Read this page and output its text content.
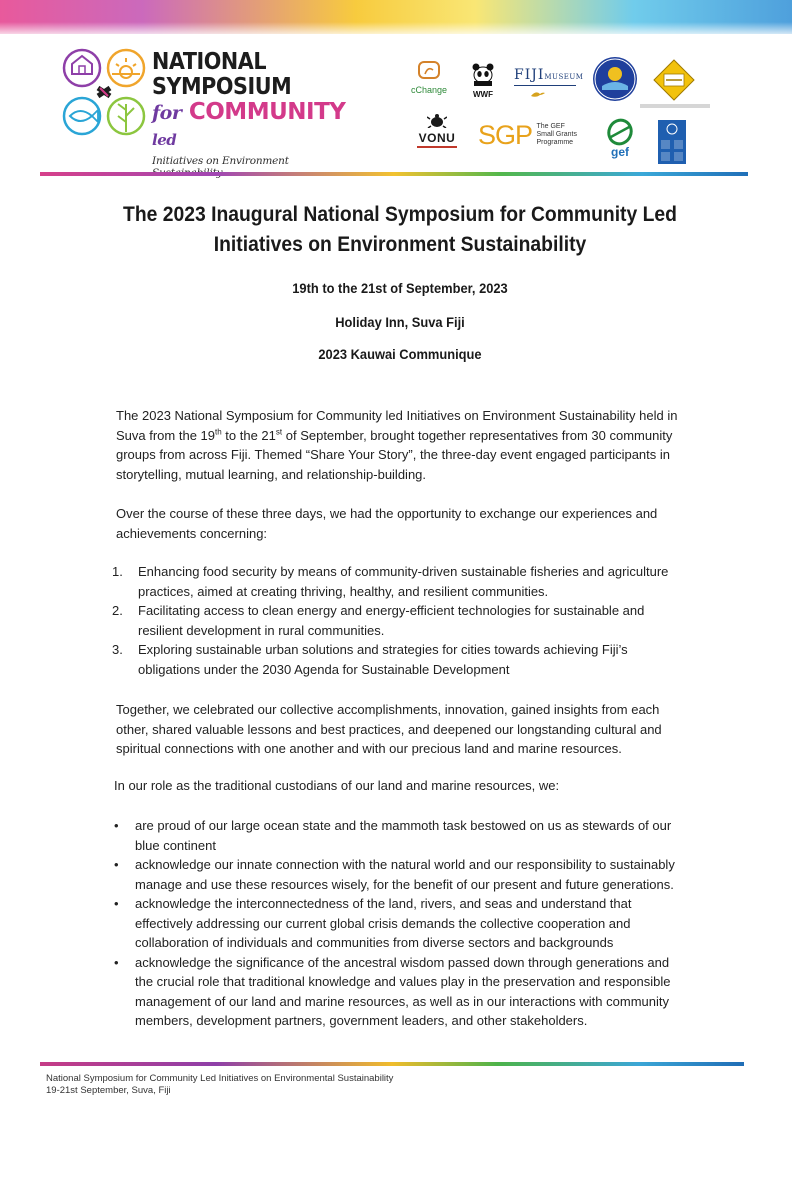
NATIONAL
SYMPOSIUM
for COMMUNITY led
Initiatives on Environment
cChange	WWF
FIJIMUSEUM
VONU SGP The GEF
Small Grants
Programme
gef
The 2023 Inaugural National Symposium for Community Led
Initiatives on Environment Sustainability
19th to the 21st of September, 2023
Holiday Inn, Suva Fiji
2023 Kauwai Communique

The 2023 National Symposium for Community led Initiatives on Environment Sustainability held in Suva from the 19th to the 21st of September, brought together representatives from 30 community groups from across Fiji. Themed “Share Your Story”, the three-day event engaged participants in storytelling, mutual learning, and relationship-building.

Over the course of these three days, we had the opportunity to exchange our experiences and achievements concerning:

1. Enhancing food security by means of community-driven sustainable fisheries and agriculture practices, aimed at creating thriving, healthy, and resilient communities.
2. Facilitating access to clean energy and energy-efficient technologies for sustainable and resilient development in rural communities.
3. Exploring sustainable urban solutions and strategies for cities towards achieving Fiji’s obligations under the 2030 Agenda for Sustainable Development

Together, we celebrated our collective accomplishments, innovation, gained insights from each other, shared valuable lessons and best practices, and deepened our longstanding cultural and spiritual connections with one another and with our precious land and marine resources.

In our role as the traditional custodians of our land and marine resources, we:

• are proud of our large ocean state and the mammoth task bestowed on us as stewards of our blue continent
• acknowledge our innate connection with the natural world and our responsibility to sustainably manage and use these resources wisely, for the benefit of our present and future generations.
• acknowledge the interconnectedness of the land, rivers, and seas and understand that effectively addressing our current global crisis demands the collective cooperation and collaboration of individuals and communities from diverse sectors and backgrounds
• acknowledge the significance of the ancestral wisdom passed down through generations and the crucial role that traditional knowledge and values play in the preservation and responsible management of our land and marine resources, as well as in our interactions with community members, development partners, government leaders, and other stakeholders.
National Symposium for Community Led Initiatives on Environmental Sustainability
19-21st September, Suva, Fiji
